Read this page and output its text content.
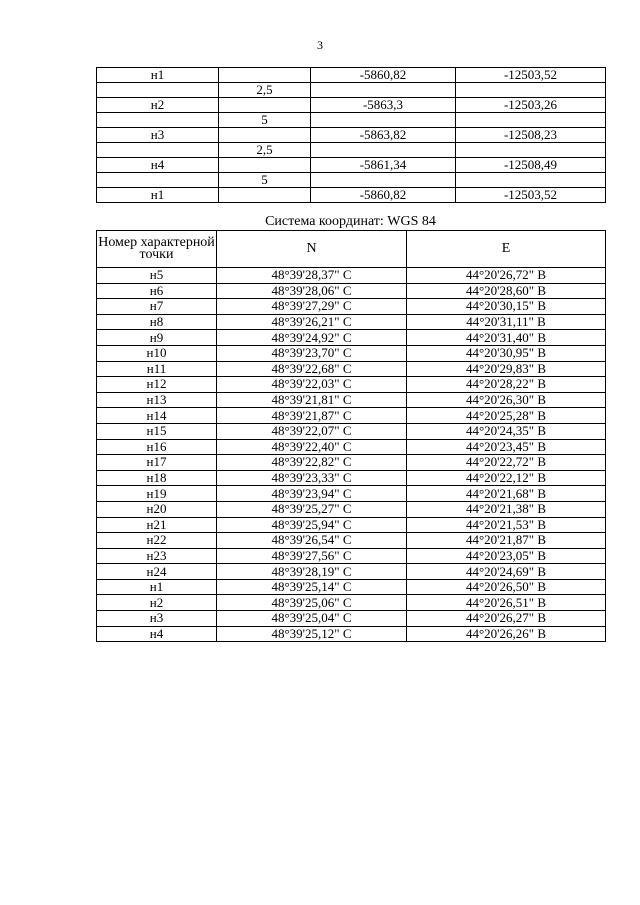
3
н1		-5860,82	-12503,52
	2,5		
н2		-5863,3	-12503,26
	5		
н3		-5863,82	-12508,23
	2,5		
н4		-5861,34	-12508,49
	5		
н1		-5860,82	-12503,52
Система координат: WGS 84
Номер характерной точки	N	E
н5	48°39'28,37" С	44°20'26,72" В
н6	48°39'28,06" С	44°20'28,60" В
н7	48°39'27,29" С	44°20'30,15" В
н8	48°39'26,21" С	44°20'31,11" В
н9	48°39'24,92" С	44°20'31,40" В
н10	48°39'23,70" С	44°20'30,95" В
н11	48°39'22,68" С	44°20'29,83" В
н12	48°39'22,03" С	44°20'28,22" В
н13	48°39'21,81" С	44°20'26,30" В
н14	48°39'21,87" С	44°20'25,28" В
н15	48°39'22,07" С	44°20'24,35" В
н16	48°39'22,40" С	44°20'23,45" В
н17	48°39'22,82" С	44°20'22,72" В
н18	48°39'23,33" С	44°20'22,12" В
н19	48°39'23,94" С	44°20'21,68" В
н20	48°39'25,27" С	44°20'21,38" В
н21	48°39'25,94" С	44°20'21,53" В
н22	48°39'26,54" С	44°20'21,87" В
н23	48°39'27,56" С	44°20'23,05" В
н24	48°39'28,19" С	44°20'24,69" В
н1	48°39'25,14" С	44°20'26,50" В
н2	48°39'25,06" С	44°20'26,51" В
н3	48°39'25,04" С	44°20'26,27" В
н4	48°39'25,12" С	44°20'26,26" В
